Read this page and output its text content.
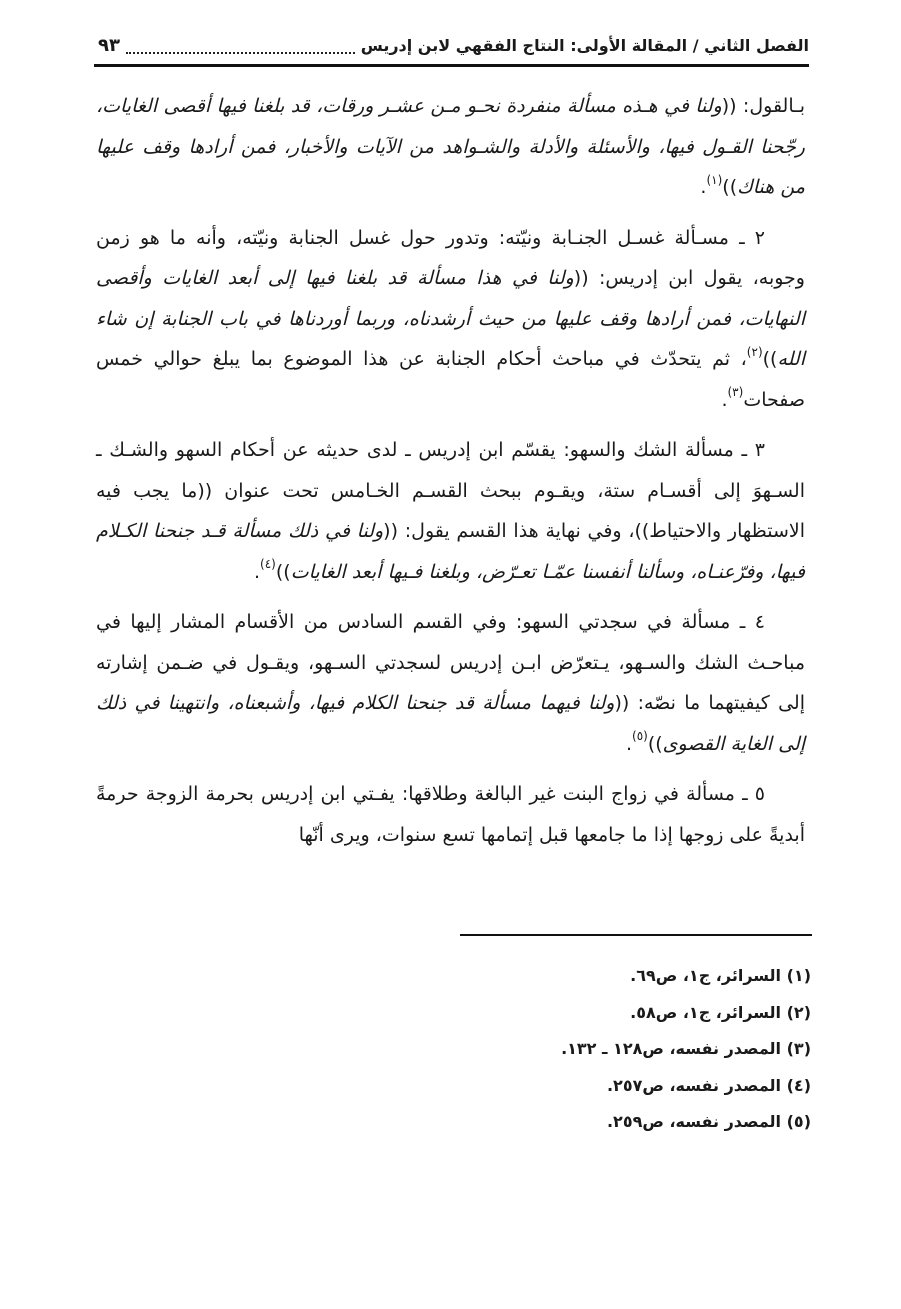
الفصل الثاني / المقالة الأولى: النتاج الفقهي لابن إدريس
٩٣

بـالقول: ((ولنا في هـذه مسألة منفردة نحـو مـن عشـر ورقات، قد بلغنا فيها أقصى الغايات، رجّحنا القـول فيها، والأسئلة والأدلة والشـواهد من الآيات والأخبار، فمن أرادها وقف عليها من هناك))$^{(١)}$.

٢ ـ مسـألة غسـل الجنـابة ونيّته: وتدور حول غسل الجنابة ونيّته، وأنه ما هو زمن وجوبه، يقول ابن إدريس: ((ولنا في هذا مسألة قد بلغنا فيها إلى أبعد الغايات وأقصى النهايات، فمن أرادها وقف عليها من حيث أرشدناه، وربما أوردناها في باب الجنابة إن شاء الله))$^{(٢)}$، ثم يتحدّث في مباحث أحكام الجنابة عن هذا الموضوع بما يبلغ حوالي خمس صفحات$^{(٣)}$.

٣ ـ مسألة الشك والسهو: يقسّم ابن إدريس ـ لدى حديثه عن أحكام السهو والشـك ـ السـهوَ إلى أقسـام ستة، ويقـوم ببحث القسـم الخـامس تحت عنوان ((ما يجب فيه الاستظهار والاحتياط))، وفي نهاية هذا القسم يقول: ((ولنا في ذلك مسألة قـد جنحنا الكـلام فيها، وفرّعنـاه، وسألنا أنفسنا عمّـا تعـرّض، وبلغنا فـيها أبعد الغايات))$^{(٤)}$.

٤ ـ مسألة في سجدتي السهو: وفي القسم السادس من الأقسام المشار إليها في مباحـث الشك والسـهو، يـتعرّض ابـن إدريس لسجدتي السـهو، ويقـول في ضـمن إشارته إلى كيفيتهما ما نصّه: ((ولنا فيهما مسألة قد جنحنا الكلام فيها، وأشبعناه، وانتهينا في ذلك إلى الغاية القصوى))$^{(٥)}$.

٥ ـ مسألة في زواج البنت غير البالغة وطلاقها: يفـتي ابن إدريس بحرمة الزوجة حرمةً أبديةً على زوجها إذا ما جامعها قبل إتمامها تسع سنوات، ويرى أنّها

(١) السرائر، ج١، ص٦٩.
(٢) السرائر، ج١، ص٥٨.
(٣) المصدر نفسه، ص١٢٨ ـ ١٣٢.
(٤) المصدر نفسه، ص٢٥٧.
(٥) المصدر نفسه، ص٢٥٩.
